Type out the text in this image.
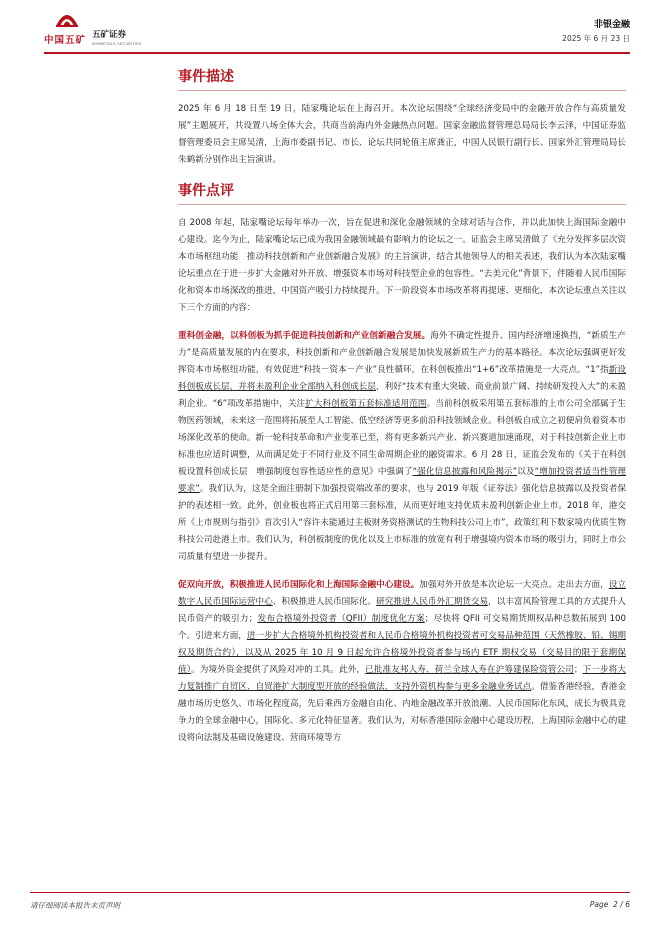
中国五矿 五矿证券
MINMETALS SECURITIES
非银金融
2025 年 6 月 23 日
事件描述

2025 年 6 月 18 日至 19 日，陆家嘴论坛在上海召开。本次论坛围绕“全球经济变局中的金融开放合作与高质量发展”主题展开，共设置八场全体大会，共商当前海内外金融热点问题。国家金融监督管理总局局长李云泽，中国证券监督管理委员会主席吴清，上海市委副书记、市长、论坛共同轮值主席龚正，中国人民银行副行长、国家外汇管理局局长朱鹤新分别作出主旨演讲。

事件点评

自 2008 年起，陆家嘴论坛每年举办一次，旨在促进和深化金融领域的全球对话与合作，并以此加快上海国际金融中心建设。迄今为止，陆家嘴论坛已成为我国金融领域最有影响力的论坛之一。证监会主席吴清做了《充分发挥多层次资本市场枢纽功能　推动科技创新和产业创新融合发展》的主旨演讲，结合其他领导人的相关表述，我们认为本次陆家嘴论坛重点在于进一步扩大金融对外开放、增强资本市场对科技型企业的包容性。“去美元化”背景下，伴随着人民币国际化和资本市场深改的推进，中国资产吸引力持续提升。下一阶段资本市场改革将再提速、更细化，本次论坛重点关注以下三个方面的内容：

重科创金融，以科创板为抓手促进科技创新和产业创新融合发展。海外不确定性提升、国内经济增速换挡，“新质生产力”是高质量发展的内在要求，科技创新和产业创新融合发展是加快发展新质生产力的基本路径。本次论坛强调更好发挥资本市场枢纽功能，有效促进“科技－资本－产业”良性循环，在科创板推出“1+6”改革措施是一大亮点。“1”指新设科创板成长层，并将未盈利企业全部纳入科创成长层，利好“技术有重大突破、商业前景广阔、持续研发投入大”的未盈利企业。“6”项改革措施中，关注扩大科创板第五套标准适用范围。当前科创板采用第五套标准的上市公司全部属于生物医药领域，未来这一范围将拓展至人工智能、低空经济等更多前沿科技领域企业。科创板自成立之初便肩负着资本市场深化改革的使命。新一轮科技革命和产业变革已至，将有更多新兴产业、新兴赛道加速涌现，对于科技创新企业上市标准也应适时调整，从而满足处于不同行业及不同生命周期企业的融资需求。6 月 28 日，证监会发布的《关于在科创板设置科创成长层　增强制度包容性适应性的意见》中强调了“强化信息披露和风险揭示”以及“增加投资者适当性管理要求”。我们认为，这是全面注册制下加强投资端改革的要求，也与 2019 年版《证券法》强化信息披露以及投资者保护的表述相一致。此外，创业板也将正式启用第三套标准，从而更好地支持优质未盈利创新企业上市。2018 年，港交所《上市规则与指引》首次引入“容许未能通过主板财务资格测试的生物科技公司上市”，政策红利下数家境内优质生物科技公司赴港上市。我们认为，科创板制度的优化以及上市标准的放宽有利于增强境内资本市场的吸引力，同时上市公司质量有望进一步提升。

促双向开放，积极推进人民币国际化和上海国际金融中心建设。加强对外开放是本次论坛一大亮点。走出去方面，设立数字人民币国际运营中心、积极推进人民币国际化。研究推进人民币外汇期货交易，以丰富风险管理工具的方式提升人民币资产的吸引力；发布合格境外投资者（QFII）制度优化方案；尽快将 QFII 可交易期货期权品种总数拓展到 100 个。引进来方面，进一步扩大合格境外机构投资者和人民币合格境外机构投资者可交易品种范围（天然橡胶、铅、锡期权及期货合约），以及从 2025 年 10 月 9 日起允许合格境外投资者参与场内 ETF 期权交易（交易目的限于套期保值）。为境外资金提供了风险对冲的工具。此外，已批准友邦人寿、荷兰全球人寿在沪筹建保险资管公司；下一步将大力复制推广自贸区、自贸港扩大制度型开放的经验做法，支持外资机构参与更多金融业务试点。借鉴香港经验，香港金融市场历史悠久、市场化程度高，先后乘西方金融自由化、内地金融改革开放浪潮、人民币国际化东风，成长为极具竞争力的全球金融中心，国际化、多元化特征显著。我们认为，对标香港国际金融中心建设历程，上海国际金融中心的建设将向法制及基础设施建设、营商环境等方

请仔细阅读本报告末页声明	Page 2 / 6
